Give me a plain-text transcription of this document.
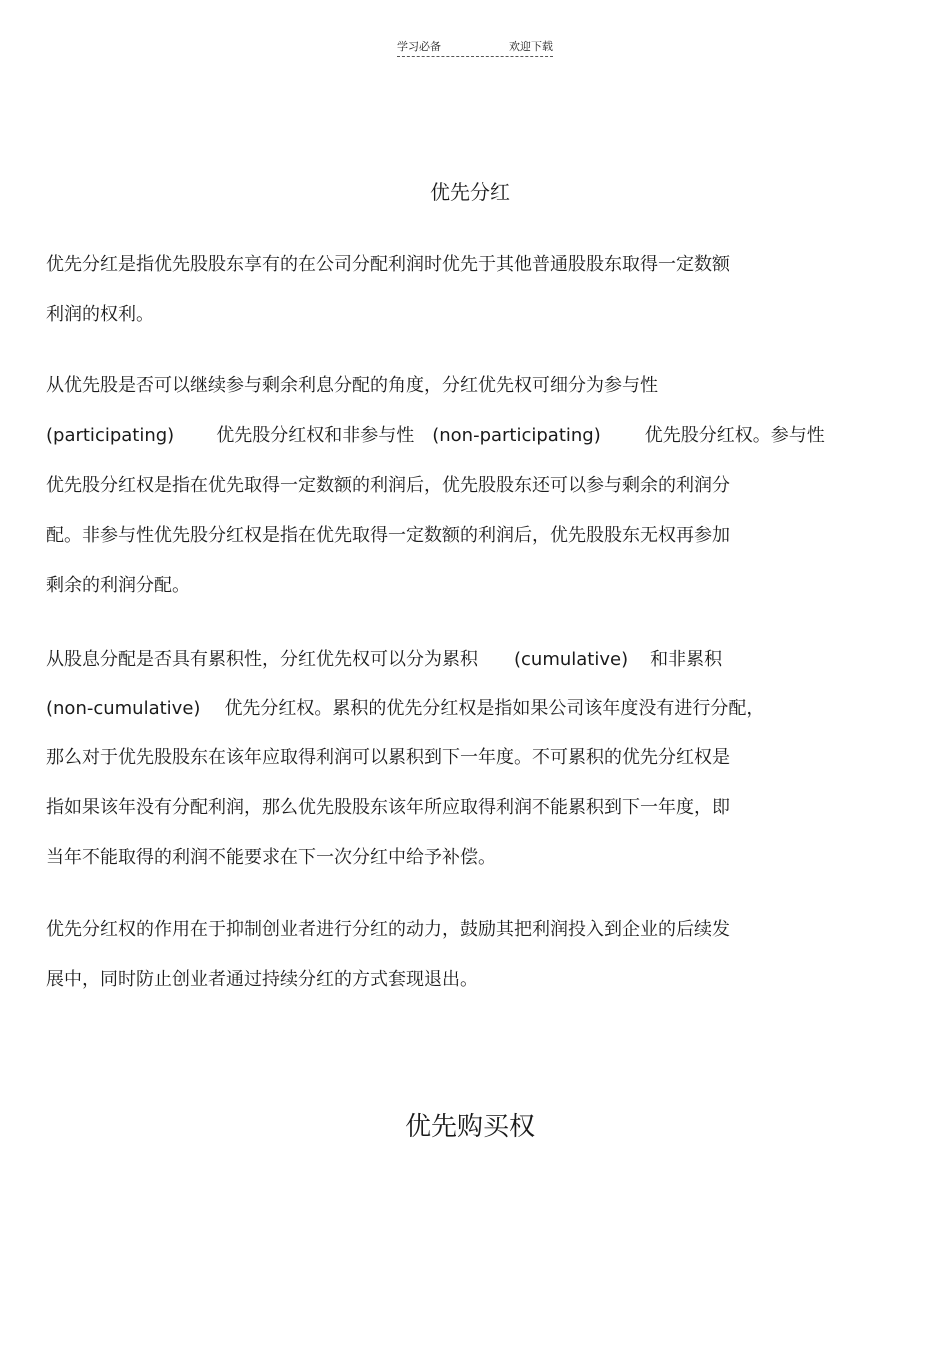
学习必备	欢迎下载
优先分红
优先分红是指优先股股东享有的在公司分配利润时优先于其他普通股股东取得一定数额
利润的权利。
从优先股是否可以继续参与剩余利息分配的角度，分红优先权可细分为参与性
(participating) 优先股分红权和非参与性 (non-participating) 优先股分红权。参与性
优先股分红权是指在优先取得一定数额的利润后，优先股股东还可以参与剩余的利润分
配。非参与性优先股分红权是指在优先取得一定数额的利润后，优先股股东无权再参加
剩余的利润分配。
从股息分配是否具有累积性，分红优先权可以分为累积 (cumulative) 和非累积
(non-cumulative) 优先分红权。累积的优先分红权是指如果公司该年度没有进行分配，
那么对于优先股股东在该年应取得利润可以累积到下一年度。不可累积的优先分红权是
指如果该年没有分配利润，那么优先股股东该年所应取得利润不能累积到下一年度，即
当年不能取得的利润不能要求在下一次分红中给予补偿。
优先分红权的作用在于抑制创业者进行分红的动力，鼓励其把利润投入到企业的后续发
展中，同时防止创业者通过持续分红的方式套现退出。
优先购买权
